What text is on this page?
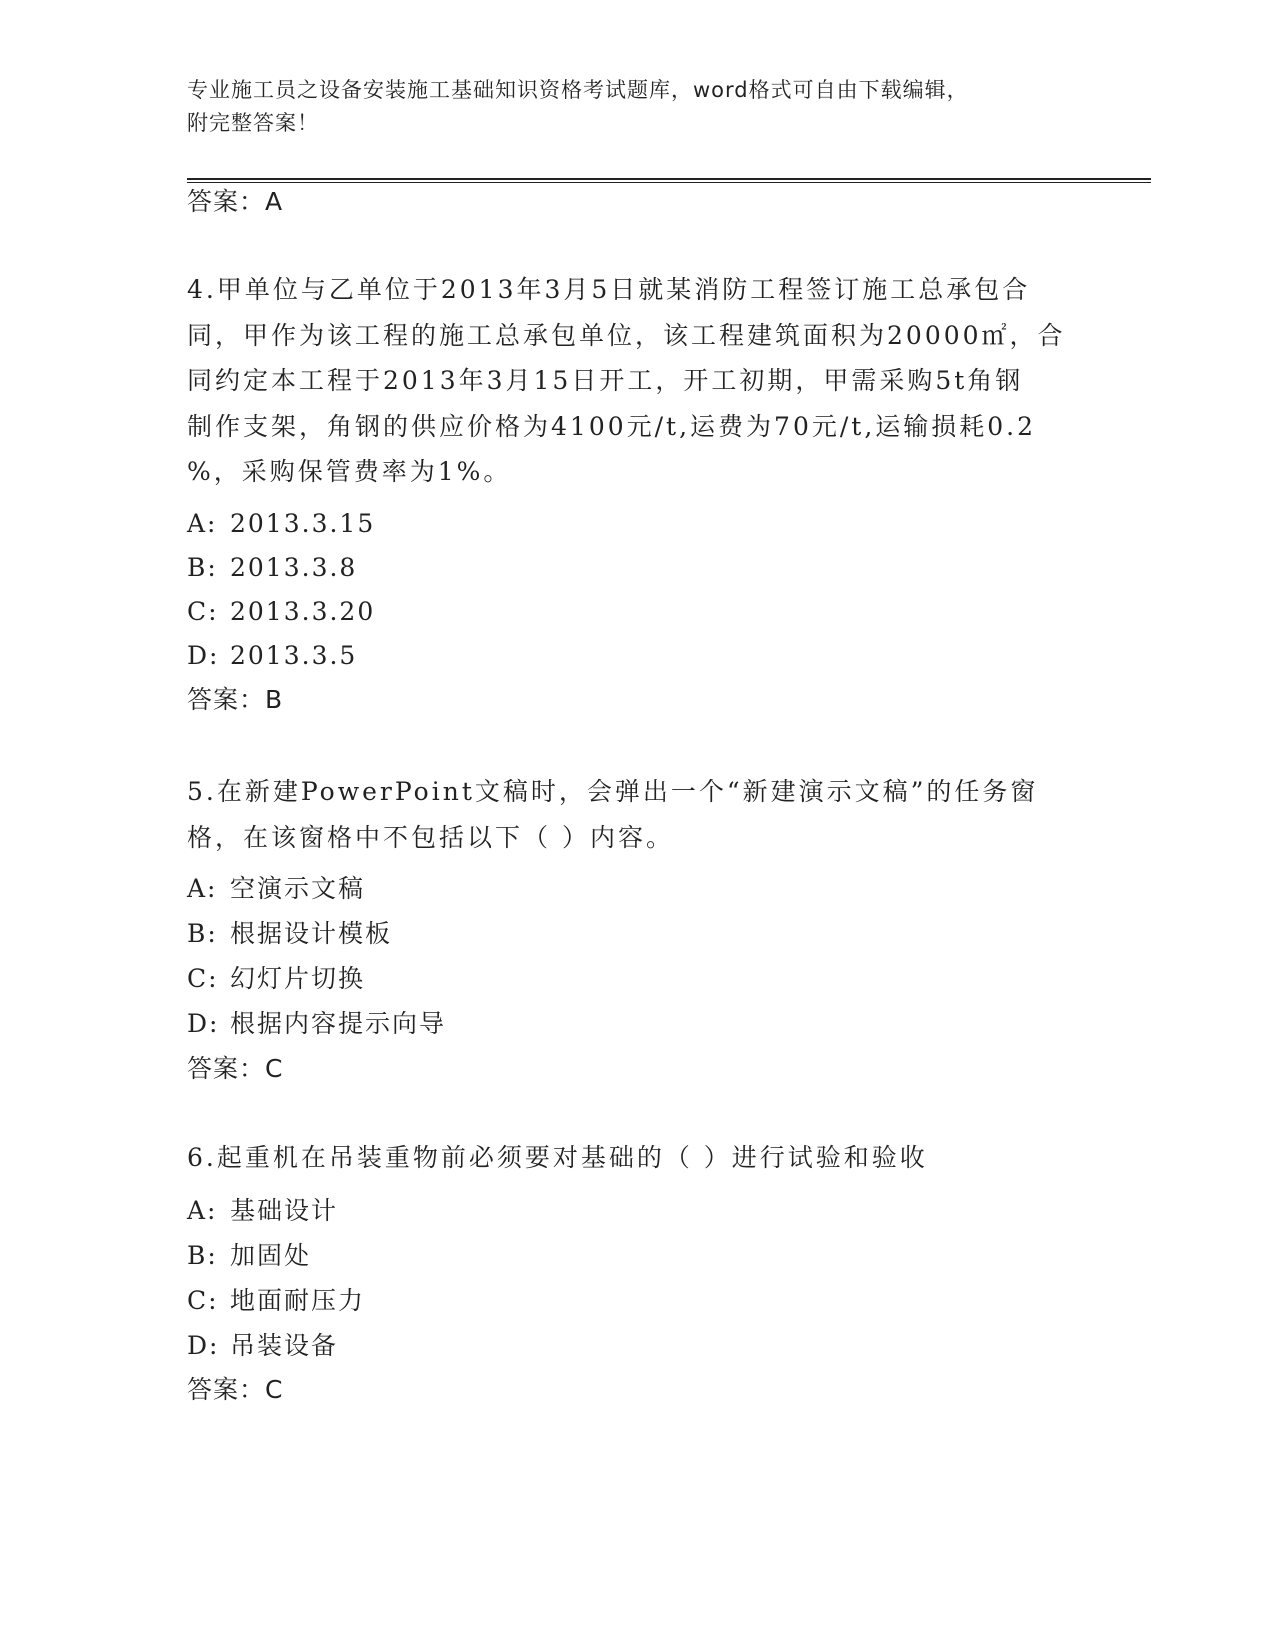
专业施工员之设备安装施工基础知识资格考试题库，word格式可自由下载编辑，
附完整答案！
答案：A
4.甲单位与乙单位于2013年3月5日就某消防工程签订施工总承包合
同，甲作为该工程的施工总承包单位，该工程建筑面积为20000㎡，合
同约定本工程于2013年3月15日开工，开工初期，甲需采购5t角钢
制作支架，角钢的供应价格为4100元/t,运费为70元/t,运输损耗0.2
%，采购保管费率为1%。
A: 2013.3.15
B: 2013.3.8
C: 2013.3.20
D: 2013.3.5
答案：B
5.在新建PowerPoint文稿时，会弹出一个“新建演示文稿”的任务窗
格，在该窗格中不包括以下（ ）内容。
A: 空演示文稿
B: 根据设计模板
C: 幻灯片切换
D: 根据内容提示向导
答案：C
6.起重机在吊装重物前必须要对基础的（ ）进行试验和验收
A: 基础设计
B: 加固处
C: 地面耐压力
D: 吊装设备
答案：C
